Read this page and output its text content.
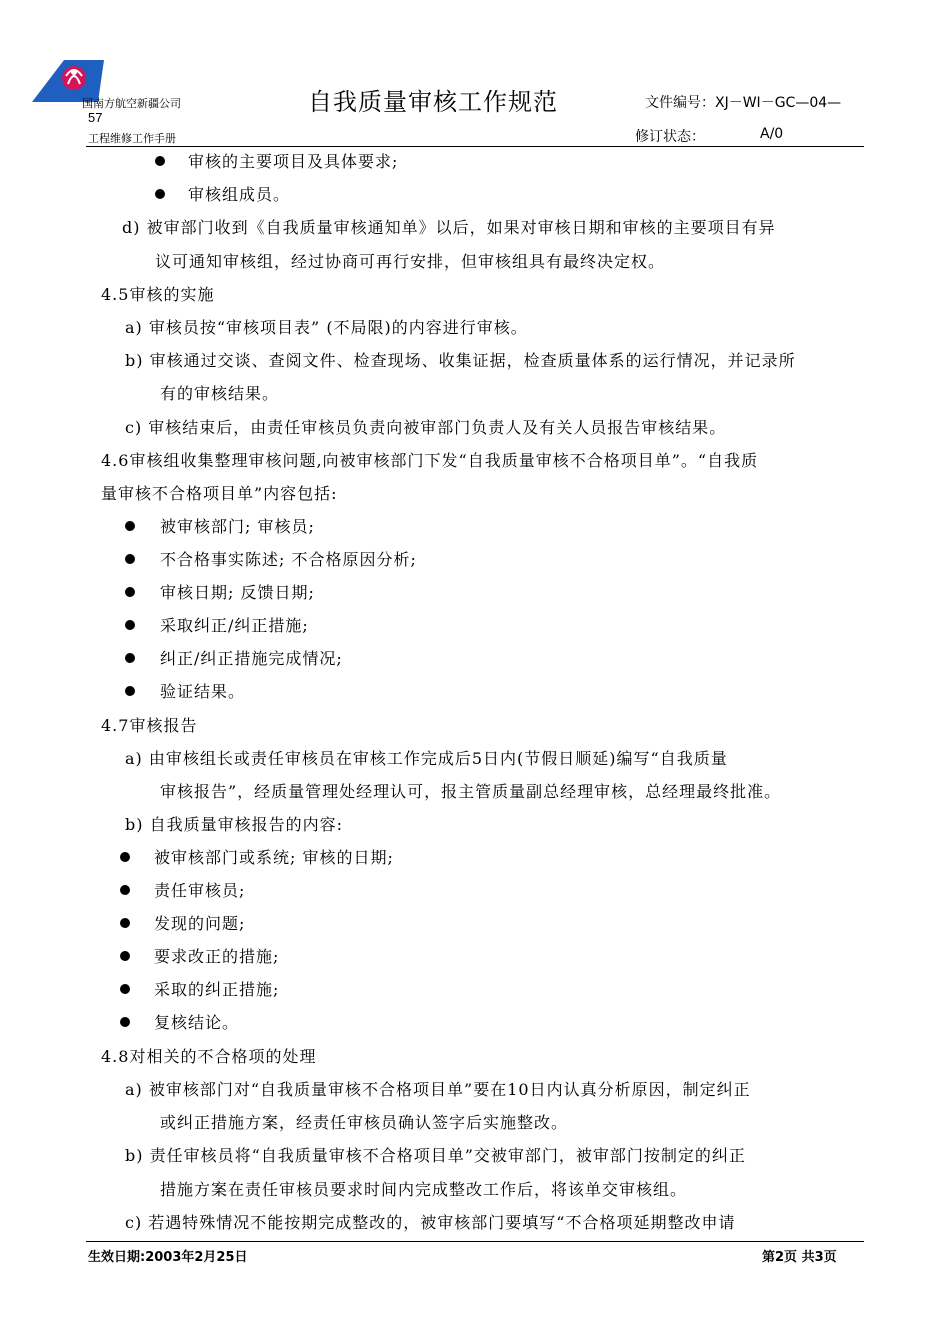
国南方航空新疆公司
57
工程维修工作手册
自我质量审核工作规范	文件编号：XJ－WI－GC—04—
修订状态：	A/0
审核的主要项目及具体要求;
审核组成员。
d) 被审部门收到《自我质量审核通知单》以后，如果对审核日期和审核的主要项目有异
议可通知审核组，经过协商可再行安排，但审核组具有最终决定权。
4.5审核的实施
a) 审核员按“审核项目表” (不局限)的内容进行审核。
b) 审核通过交谈、查阅文件、检查现场、收集证据，检查质量体系的运行情况，并记录所
有的审核结果。
c) 审核结束后，由责任审核员负责向被审部门负责人及有关人员报告审核结果。
4.6审核组收集整理审核问题,向被审核部门下发“自我质量审核不合格项目单”。“自我质
量审核不合格项目单”内容包括:
被审核部门; 审核员;
不合格事实陈述; 不合格原因分析;
审核日期; 反馈日期;
采取纠正/纠正措施;
纠正/纠正措施完成情况;
验证结果。
4.7审核报告
a) 由审核组长或责任审核员在审核工作完成后5日内(节假日顺延)编写“自我质量
审核报告”，经质量管理处经理认可，报主管质量副总经理审核，总经理最终批准。
b) 自我质量审核报告的内容:
被审核部门或系统; 审核的日期;
责任审核员;
发现的问题;
要求改正的措施;
采取的纠正措施;
复核结论。
4.8对相关的不合格项的处理
a) 被审核部门对“自我质量审核不合格项目单”要在10日内认真分析原因，制定纠正
或纠正措施方案，经责任审核员确认签字后实施整改。
b) 责任审核员将“自我质量审核不合格项目单”交被审部门，被审部门按制定的纠正
措施方案在责任审核员要求时间内完成整改工作后，将该单交审核组。
c) 若遇特殊情况不能按期完成整改的，被审核部门要填写“不合格项延期整改申请
生效日期:2003年2月25日	第2页 共3页
